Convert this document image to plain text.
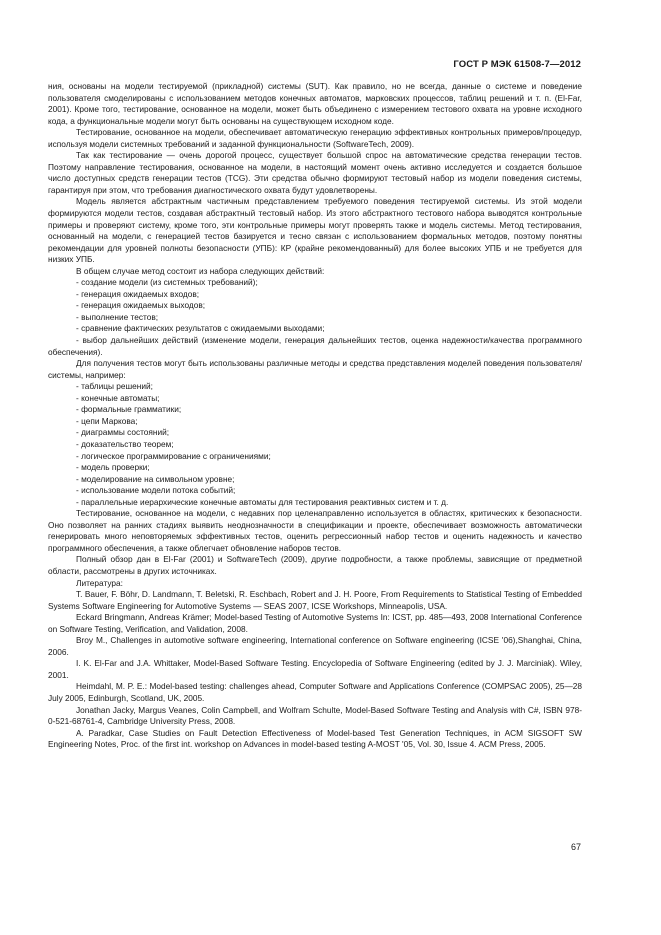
ГОСТ Р МЭК 61508-7—2012

ния, основаны на модели тестируемой (прикладной) системы (SUT). Как правило, но не всегда, данные о системе и поведение пользователя смоделированы с использованием методов конечных автоматов, марковских процессов, таблиц решений и т. п. (El-Far, 2001). Кроме того, тестирование, основанное на модели, может быть объединено с измерением тестового охвата на уровне исходного кода, а функциональные модели могут быть основаны на существующем исходном коде.

Тестирование, основанное на модели, обеспечивает автоматическую генерацию эффективных контрольных примеров/процедур, используя модели системных требований и заданной функциональности (SoftwareTech, 2009).

Так как тестирование — очень дорогой процесс, существует большой спрос на автоматические средства генерации тестов. Поэтому направление тестирования, основанное на модели, в настоящий момент очень активно исследуется и создается большое число доступных средств генерации тестов (TCG). Эти средства обычно формируют тестовый набор из модели поведения системы, гарантируя при этом, что требования диагностического охвата будут удовлетворены.

Модель является абстрактным частичным представлением требуемого поведения тестируемой системы. Из этой модели формируются модели тестов, создавая абстрактный тестовый набор. Из этого абстрактного тестового набора выводятся контрольные примеры и проверяют систему, кроме того, эти контрольные примеры могут проверять также и модель системы. Метод тестирования, основанный на модели, с генерацией тестов базируется и тесно связан с использованием формальных методов, поэтому понятны рекомендации для уровней полноты безопасности (УПБ): КР (крайне рекомендованный) для более высоких УПБ и не требуется для низких УПБ.

В общем случае метод состоит из набора следующих действий:

- создание модели (из системных требований);

- генерация ожидаемых входов;

- генерация ожидаемых выходов;

- выполнение тестов;

- сравнение фактических результатов с ожидаемыми выходами;

- выбор дальнейших действий (изменение модели, генерация дальнейших тестов, оценка надежности/качества программного обеспечения).

Для получения тестов могут быть использованы различные методы и средства представления моделей поведения пользователя/системы, например:

- таблицы решений;

- конечные автоматы;

- формальные грамматики;

- цепи Маркова;

- диаграммы состояний;

- доказательство теорем;

- логическое программирование с ограничениями;

- модель проверки;

- моделирование на символьном уровне;

- использование модели потока событий;

- параллельные иерархические конечные автоматы для тестирования реактивных систем и т. д.

Тестирование, основанное на модели, с недавних пор целенаправленно используется в областях, критических к безопасности. Оно позволяет на ранних стадиях выявить неоднозначности в спецификации и проекте, обеспечивает возможность автоматически генерировать много неповторяемых эффективных тестов, оценить регрессионный набор тестов и оценить надежность и качество программного обеспечения, а также облегчает обновление наборов тестов.

Полный обзор дан в El-Far (2001) и SoftwareTech (2009), другие подробности, а также проблемы, зависящие от предметной области, рассмотрены в других источниках.

Литература:

T. Bauer, F. Böhr, D. Landmann, T. Beletski, R. Eschbach, Robert and J. H. Poore, From Requirements to Statistical Testing of Embedded Systems Software Engineering for Automotive Systems — SEAS 2007, ICSE Workshops, Minneapolis, USA.

Eckard Bringmann, Andreas Krämer; Model-based Testing of Automotive Systems In: ICST, pp. 485—493, 2008 International Conference on Software Testing, Verification, and Validation, 2008.

Broy M., Challenges in automotive software engineering, International conference on Software engineering (ICSE '06),Shanghai, China, 2006.

I. K. El-Far and J.A. Whittaker, Model-Based Software Testing. Encyclopedia of Software Engineering (edited by J. J. Marciniak). Wiley, 2001.

Heimdahl, M. P. E.: Model-based testing: challenges ahead, Computer Software and Applications Conference (COMPSAC 2005), 25—28 July 2005, Edinburgh, Scotland, UK, 2005.

Jonathan Jacky, Margus Veanes, Colin Campbell, and Wolfram Schulte, Model-Based Software Testing and Analysis with C#, ISBN 978-0-521-68761-4, Cambridge University Press, 2008.

A. Paradkar, Case Studies on Fault Detection Effectiveness of Model-based Test Generation Techniques, in ACM SIGSOFT SW Engineering Notes, Proc. of the first int. workshop on Advances in model-based testing A-MOST '05, Vol. 30, Issue 4. ACM Press, 2005.

67
